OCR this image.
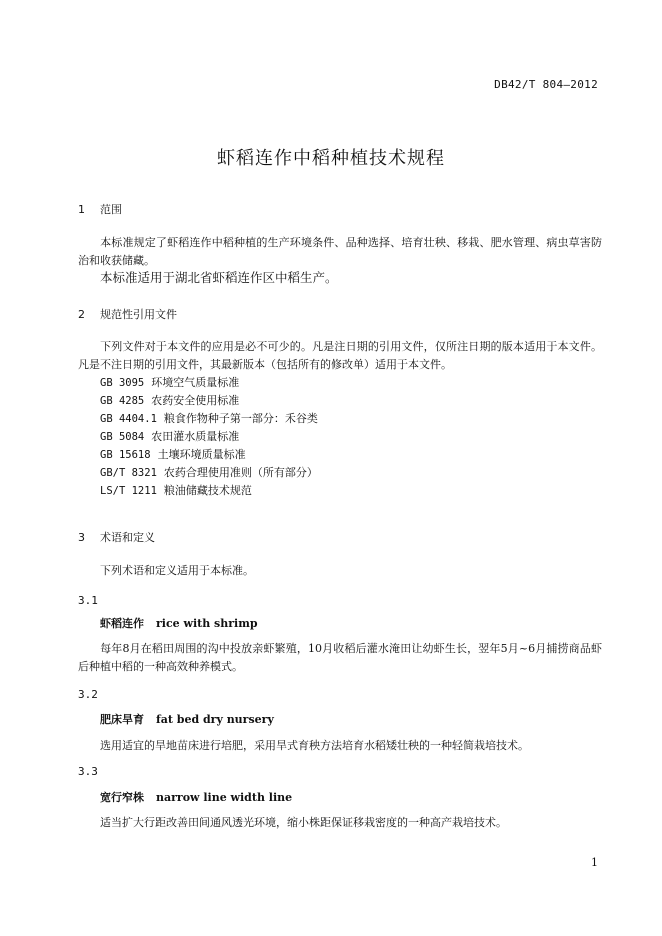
DB42/T 804—2012
虾稻连作中稻种植技术规程
1 范围
本标准规定了虾稻连作中稻种植的生产环境条件、品种选择、培育壮秧、移栽、肥水管理、病虫草害防治和收获储藏。
本标准适用于湖北省虾稻连作区中稻生产。
2 规范性引用文件
下列文件对于本文件的应用是必不可少的。凡是注日期的引用文件，仅所注日期的版本适用于本文件。凡是不注日期的引用文件，其最新版本（包括所有的修改单）适用于本文件。
GB 3095 环境空气质量标准
GB 4285 农药安全使用标准
GB 4404.1 粮食作物种子第一部分：禾谷类
GB 5084 农田灌水质量标准
GB 15618 土壤环境质量标准
GB/T 8321 农药合理使用准则（所有部分）
LS/T 1211 粮油储藏技术规范
3 术语和定义
下列术语和定义适用于本标准。
3.1
虾稻连作 rice with shrimp
每年8月在稻田周围的沟中投放亲虾繁殖，10月收稻后灌水淹田让幼虾生长，翌年5月~6月捕捞商品虾后种植中稻的一种高效种养模式。
3.2
肥床旱育 fat bed dry nursery
选用适宜的旱地苗床进行培肥，采用旱式育秧方法培育水稻矮壮秧的一种轻简栽培技术。
3.3
宽行窄株 narrow line width line
适当扩大行距改善田间通风透光环境，缩小株距保证移栽密度的一种高产栽培技术。
1
